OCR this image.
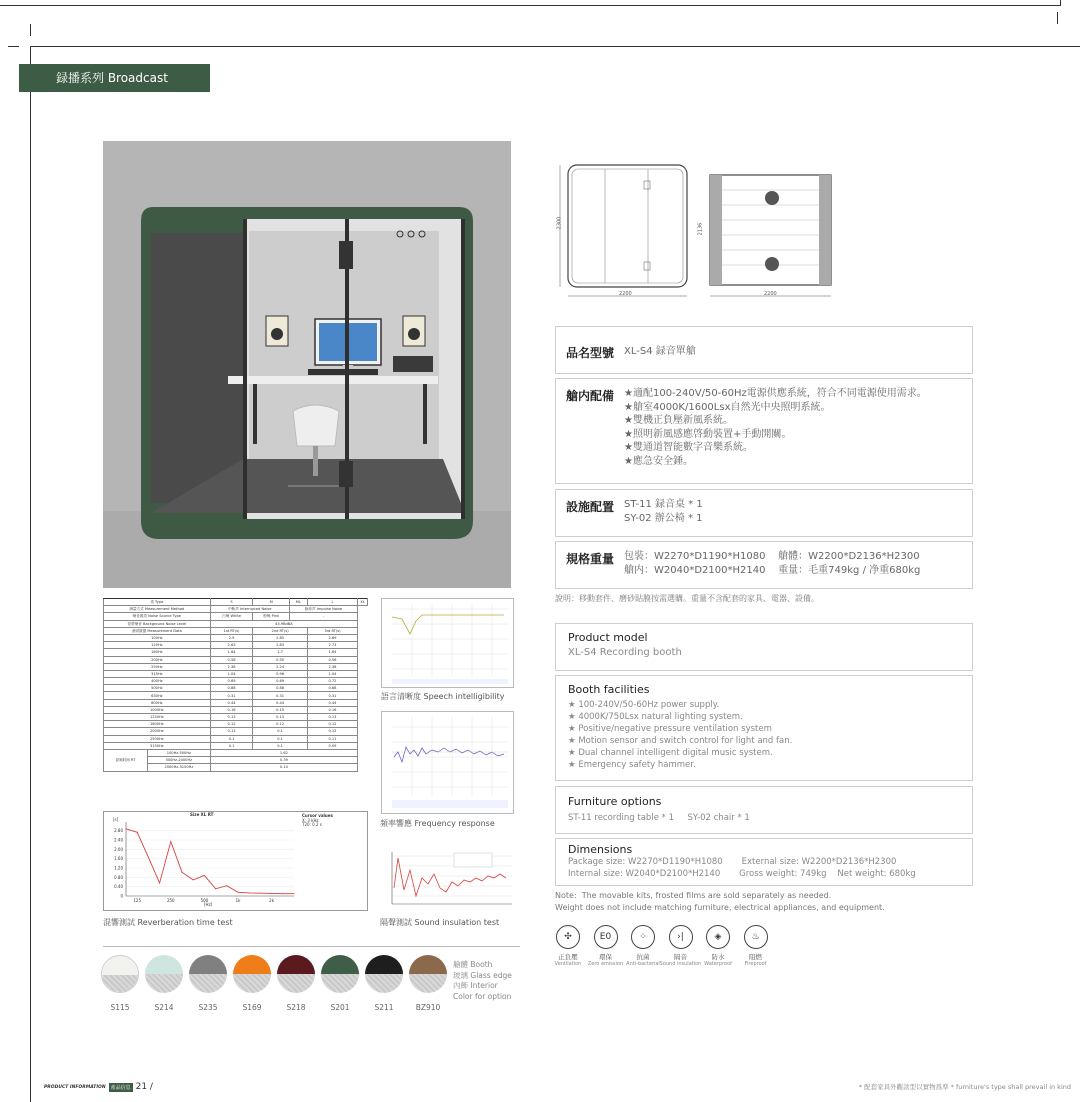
録播系列 Broadcast series
2300
2200
2136
2200
品名型號 XL-S4 録音單艙
艙内配備 ★適配100-240V/50-60Hz電源供應系統，符合不同電源使用需求。
★艙室4000K/1600Lsx自然光中央照明系統。
★雙機正負壓新風系統。
★照明新風感應啓動裝置+手動開關。
★雙通道智能數字音樂系統。
★應急安全錘。
設施配置 ST-11 録音桌 * 1
SY-02 辦公椅 * 1
規格重量 包裝：W2270*D1190*H1080    艙體：W2200*D2136*H2300
艙内：W2040*D2100*H2140    重量：毛重749kg / 净重680kg
說明：移動套件、磨砂貼膜按需選購。重量不含配套的家具、電器、設備。
Product model
XL-S4 Recording booth
Booth facilities
★ 100-240V/50-60Hz power supply.
★ 4000K/750Lsx natural lighting system.
★ Positive/negative pressure ventilation system
★ Motion sensor and switch control for light and fan.
★ Dual channel intelligent digital music system.
★ Emergency safety hammer.
Furniture options
ST-11 recording table * 1     SY-02 chair * 1
Dimensions
Package size: W2270*D1190*H1080       External size: W2200*D2136*H2300
Internal size: W2040*D2100*H2140       Gross weight: 749kg    Net weight: 680kg
Note:  The movable kits, frosted films are sold separately as needed.
Weight does not include matching furniture, electrical appliances, and equipment.
类 Type		S	M	ML	L	XL
测量方式 Measurement Method		中断声 Interrupted Noise		脉冲声 Impulse Noise		
噪音源类 Noise Source Type		白噪 White	粉噪 Pink	-		
背景噪音 Background Noise Level		43.9BdBA				
测试数据 Measurement Data		1st RT(s)	2nd RT(s)		3rd RT(s)	
100Hz		2.9	2.85		2.89	
125Hz		2.63	2.83		2.73	
160Hz		1.64	1.7		1.64	
200Hz		0.58	0.55		0.56	
250Hz		2.38	2.24		2.38	
315Hz		1.04	0.98		1.04	
400Hz		0.69	0.69		0.72	
500Hz		0.88	0.88		0.88	
630Hz		0.31	0.31		0.31	
800Hz		0.44	0.44		0.44	
1000Hz		0.16	0.15		0.16	
1250Hz		0.13	0.13		0.13	
1600Hz		0.12	0.12		0.12	
2000Hz		0.11	0.1		0.12	
2500Hz		0.1	0.1		0.11	
3150Hz		0.1	0.1		0.09	
混响时间 RT	100Hz-500Hz	1.62				
	500Hz-2000Hz	0.39				
	2000Hz-3150Hz	0.10				
0
0.40
0.80
1.20
1.60
2.00
2.40
2.80
125	250	500	1k	2k
Size XL RT	Cursor values
X: 3 kHz
T20: 0.2 s
[s]
[Hz]
混響測試 Reverberation time test
語言清晰度 Speech intelligibility
頻率響應 Frequency response
隔聲測試 Sound insulation test
S115	S214	S235	S169	S218	S201	S211	BZ910
艙體 Booth
玻璃 Glass edge
內飾 Interior
Color for option
✣
正負壓
Ventilation
E0
環保
Zero emission
⁘
抗菌
Anti-bacterial
›|
隔音
Sound insulation
◈
防水
Waterproof
♨
阻燃
Fireproof
PRODUCT INFORMATION	產品信息 21 /	* 配套家具外觀款型以實物爲準 * furniture's type shall prevail in kind
